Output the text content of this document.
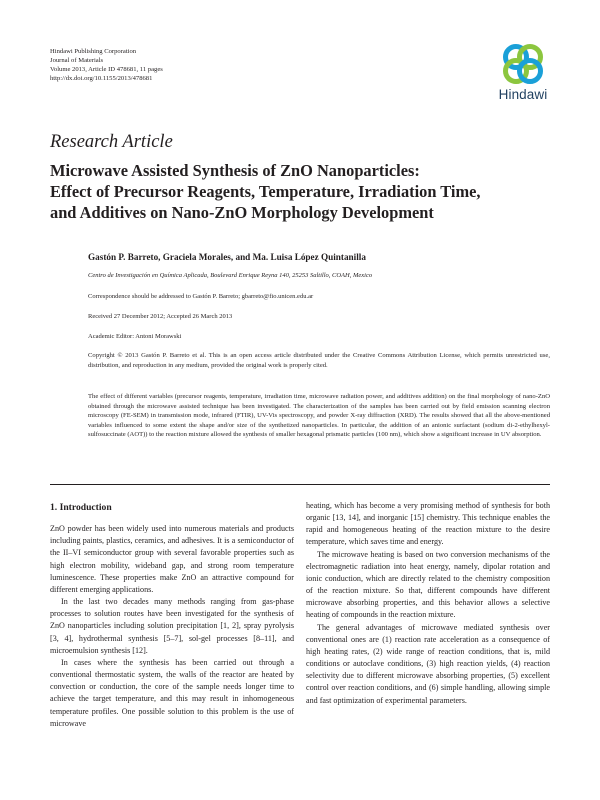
Hindawi Publishing Corporation
Journal of Materials
Volume 2013, Article ID 478681, 11 pages
http://dx.doi.org/10.1155/2013/478681
Hindawi
Research Article
Microwave Assisted Synthesis of ZnO Nanoparticles:
Effect of Precursor Reagents, Temperature, Irradiation Time,
and Additives on Nano-ZnO Morphology Development
Gastón P. Barreto, Graciela Morales, and Ma. Luisa López Quintanilla
Centro de Investigación en Química Aplicada, Boulevard Enrique Reyna 140, 25253 Saltillo, COAH, Mexico
Correspondence should be addressed to Gastón P. Barreto; gbarreto@fio.unicen.edu.ar
Received 27 December 2012; Accepted 26 March 2013
Academic Editor: Antoni Morawski
Copyright © 2013 Gastón P. Barreto et al. This is an open access article distributed under the Creative Commons Attribution License, which permits unrestricted use, distribution, and reproduction in any medium, provided the original work is properly cited.
The effect of different variables (precursor reagents, temperature, irradiation time, microwave radiation power, and additives addition) on the final morphology of nano-ZnO obtained through the microwave assisted technique has been investigated. The characterization of the samples has been carried out by field emission scanning electron microscopy (FE-SEM) in transmission mode, infrared (FTIR), UV-Vis spectroscopy, and powder X-ray diffraction (XRD). The results showed that all the above-mentioned variables influenced to some extent the shape and/or size of the synthetized nanoparticles. In particular, the addition of an anionic surfactant (sodium di-2-ethylhexyl-sulfosuccinate (AOT)) to the reaction mixture allowed the synthesis of smaller hexagonal prismatic particles (100 nm), which show a significant increase in UV absorption.
1. Introduction

ZnO powder has been widely used into numerous materials and products including paints, plastics, ceramics, and adhesives. It is a semiconductor of the II–VI semiconductor group with several favorable properties such as high electron mobility, wideband gap, and strong room temperature luminescence. These properties make ZnO an attractive compound for different emerging applications.

In the last two decades many methods ranging from gas-phase processes to solution routes have been investigated for the synthesis of ZnO nanoparticles including solution precipitation [1, 2], spray pyrolysis [3, 4], hydrothermal synthesis [5–7], sol-gel processes [8–11], and microemulsion synthesis [12].

In cases where the synthesis has been carried out through a conventional thermostatic system, the walls of the reactor are heated by convection or conduction, the core of the sample needs longer time to achieve the target temperature, and this may result in inhomogeneous temperature profiles. One possible solution to this problem is the use of microwave

heating, which has become a very promising method of synthesis for both organic [13, 14], and inorganic [15] chemistry. This technique enables the rapid and homogeneous heating of the reaction mixture to the desire temperature, which saves time and energy.

The microwave heating is based on two conversion mechanisms of the electromagnetic radiation into heat energy, namely, dipolar rotation and ionic conduction, which are directly related to the chemistry composition of the reaction mixture. So that, different compounds have different microwave absorbing properties, and this behavior allows a selective heating of compounds in the reaction mixture.

The general advantages of microwave mediated synthesis over conventional ones are (1) reaction rate acceleration as a consequence of high heating rates, (2) wide range of reaction conditions, that is, mild conditions or autoclave conditions, (3) high reaction yields, (4) reaction selectivity due to different microwave absorbing properties, (5) excellent control over reaction conditions, and (6) simple handling, allowing simple and fast optimization of experimental parameters.
